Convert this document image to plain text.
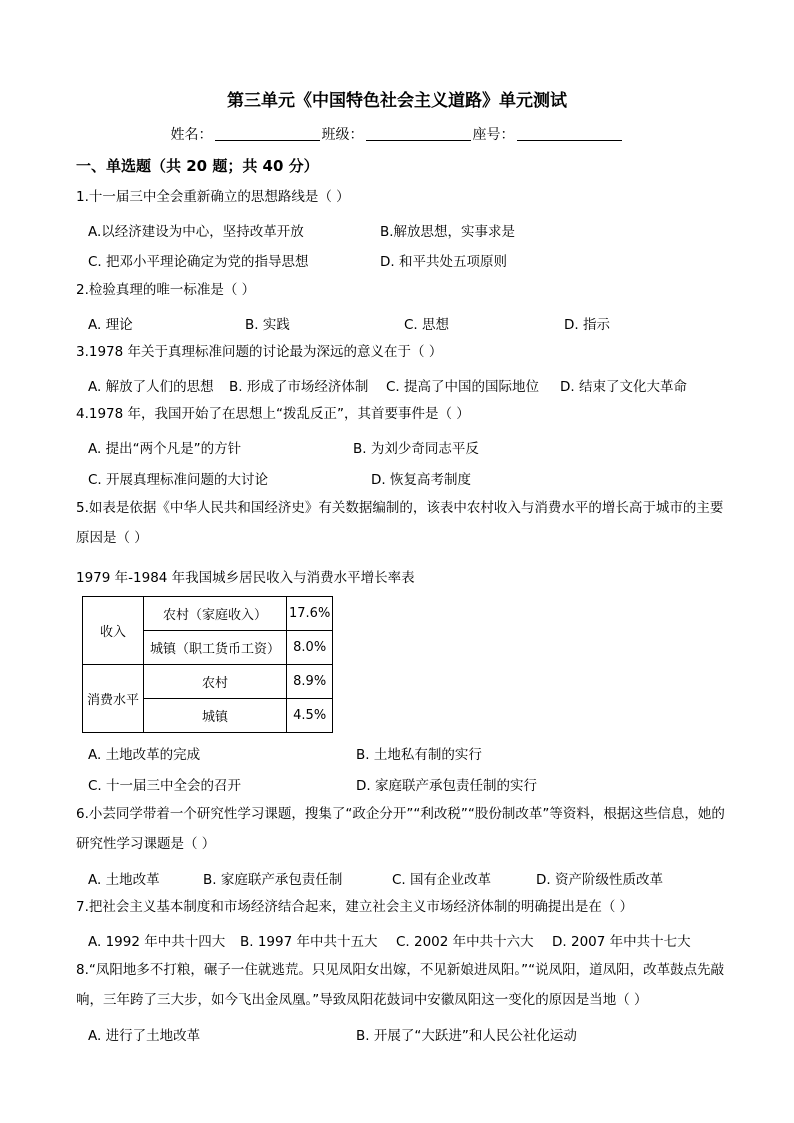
第三单元《中国特色社会主义道路》单元测试
姓名：	班级：	座号：
一、单选题（共 20 题；共 40 分）
1.十一届三中全会重新确立的思想路线是（ ）
A.以经济建设为中心，坚持改革开放	B.解放思想，实事求是
C. 把邓小平理论确定为党的指导思想	D. 和平共处五项原则
2.检验真理的唯一标准是（ ）
A. 理论	B. 实践	C. 思想	D. 指示
3.1978 年关于真理标准问题的讨论最为深远的意义在于（ ）
A. 解放了人们的思想 B. 形成了市场经济体制 C. 提高了中国的国际地位 D. 结束了文化大革命
4.1978 年，我国开始了在思想上“拨乱反正”，其首要事件是（ ）
A. 提出“两个凡是”的方针	B. 为刘少奇同志平反
C. 开展真理标准问题的大讨论	D. 恢复高考制度
5.如表是依据《中华人民共和国经济史》有关数据编制的，该表中农村收入与消费水平的增长高于城市的主要原因是（ ）
1979 年-1984 年我国城乡居民收入与消费水平增长率表
收入	农村（家庭收入）	17.6%
	城镇（职工货币工资）	8.0%
消费水平	农村	8.9%
	城镇	4.5%
A. 土地改革的完成	B. 土地私有制的实行
C. 十一届三中全会的召开	D. 家庭联产承包责任制的实行
6.小芸同学带着一个研究性学习课题，搜集了“政企分开”“利改税”“股份制改革”等资料，根据这些信息，她的研究性学习课题是（ ）
A. 土地改革	B. 家庭联产承包责任制	C. 国有企业改革	D. 资产阶级性质改革
7.把社会主义基本制度和市场经济结合起来，建立社会主义市场经济体制的明确提出是在（ ）
A. 1992 年中共十四大 B. 1997 年中共十五大 C. 2002 年中共十六大 D. 2007 年中共十七大
8.“凤阳地多不打粮，碾子一住就逃荒。只见凤阳女出嫁，不见新娘进凤阳。”“说凤阳，道凤阳，改革鼓点先敲响，三年跨了三大步，如今飞出金凤凰。”导致凤阳花鼓词中安徽凤阳这一变化的原因是当地（ ）
A. 进行了土地改革	B. 开展了“大跃进”和人民公社化运动
